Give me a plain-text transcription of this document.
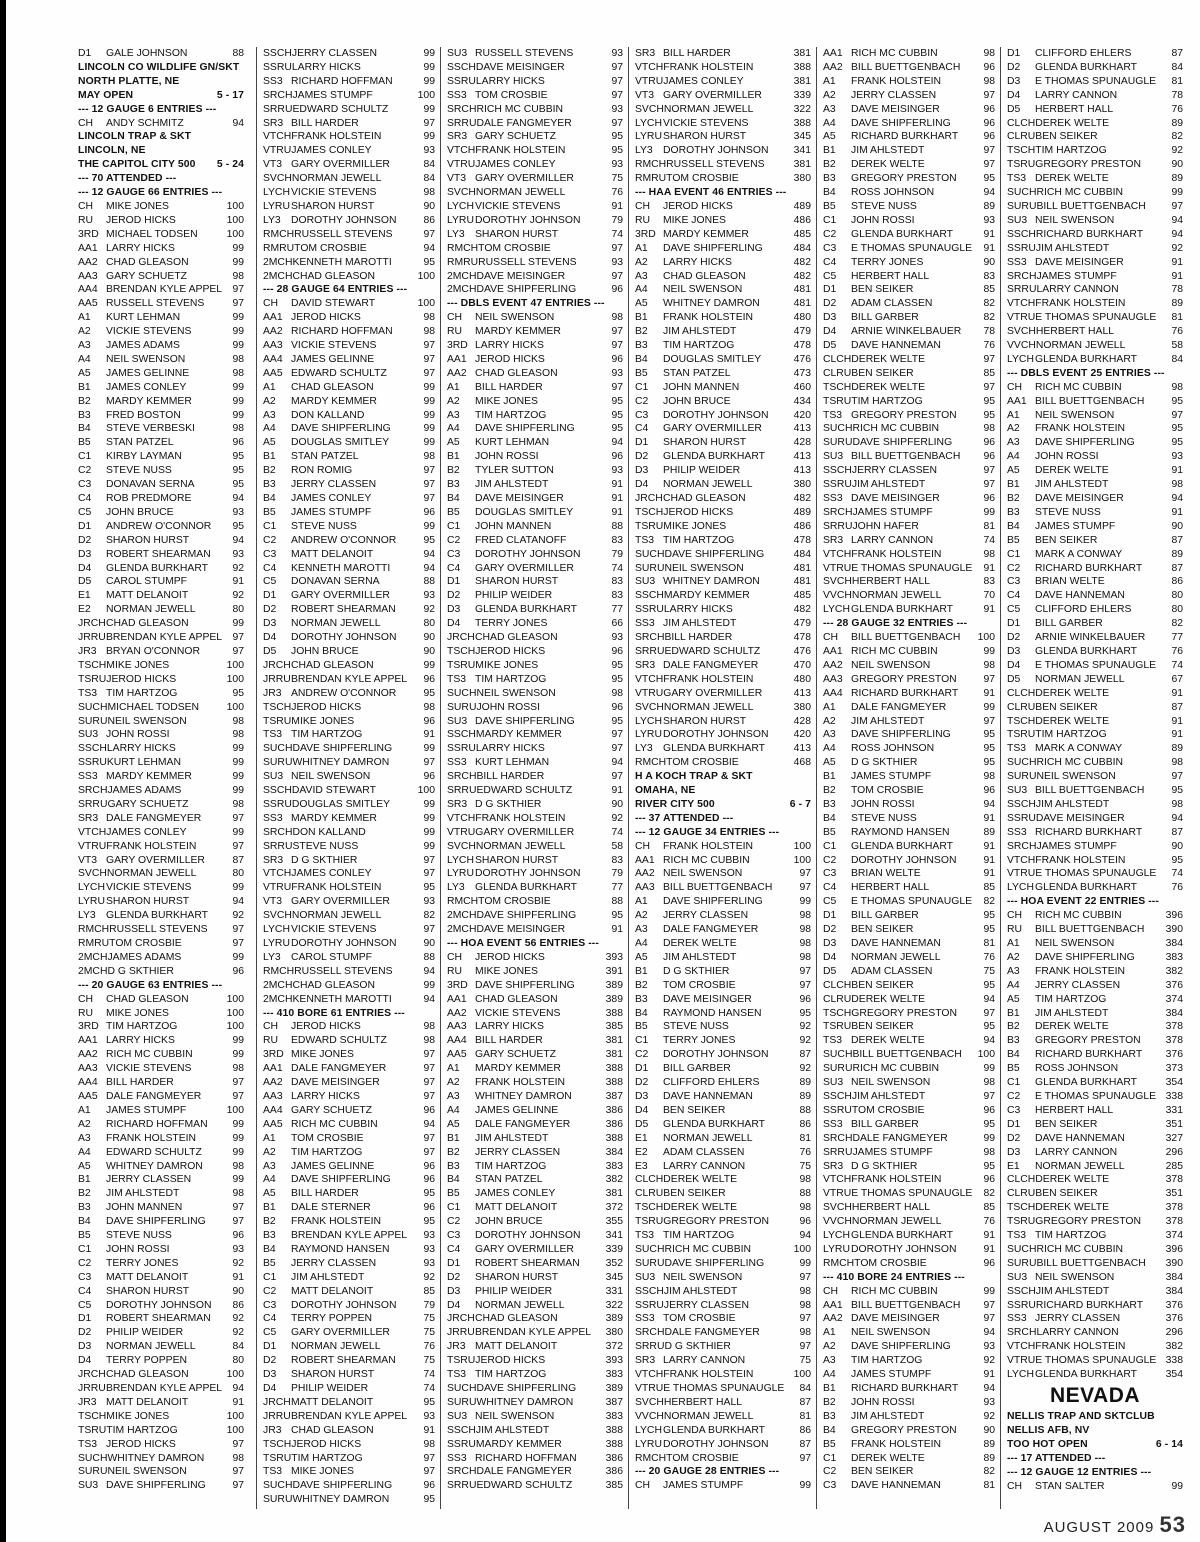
D1	GALE JOHNSON	88
LINCOLN CO WILDLIFE GN/SKT
NORTH PLATTE, NE
MAY OPEN	5 - 17
--- 12 GAUGE 6 ENTRIES ---
CH	ANDY SCHMITZ	94
LINCOLN TRAP & SKT
LINCOLN, NE
THE CAPITOL CITY 500	5 - 24
--- 70 ATTENDED ---
--- 12 GAUGE 66 ENTRIES ---
CH	MIKE JONES	100
RU	JEROD HICKS	100
3RD MICHAEL TODSEN	100
AA1 LARRY HICKS	99
AA2 CHAD GLEASON	99
AA3 GARY SCHUETZ	98
AA4 BRENDAN KYLE APPEL 97
AA5 RUSSELL STEVENS	97
A1	KURT LEHMAN	99
A2	VICKIE STEVENS	99
A3	JAMES ADAMS	99
A4	NEIL SWENSON	98
A5	JAMES GELINNE	98
B1	JAMES CONLEY	99
B2	MARDY KEMMER	99
B3	FRED BOSTON	99
B4	STEVE VERBESKI	98
B5	STAN PATZEL	96
C1	KIRBY LAYMAN	95
C2	STEVE NUSS	95
C3	DONAVAN SERNA	95
C4	ROB PREDMORE	94
C5	JOHN BRUCE	93
D1	ANDREW O'CONNOR	95
D2	SHARON HURST	94
D3	ROBERT SHEARMAN	93
D4	GLENDA BURKHART	92
D5	CAROL STUMPF	91
E1	MATT DELANOIT	92
E2	NORMAN JEWELL	80
JRCH CHAD GLEASON	99
JRRU BRENDAN KYLE APPEL 97
JR3 BRYAN O'CONNOR	97
TSCH MIKE JONES	100
TSRU JEROD HICKS	100
TS3 TIM HARTZOG	95
SUCH MICHAEL TODSEN	100
SURU NEIL SWENSON	98
SU3 JOHN ROSSI	98
SSCH LARRY HICKS	99
SSRU KURT LEHMAN	99
SS3 MARDY KEMMER	99
SRCH JAMES ADAMS	99
SRRU GARY SCHUETZ	98
SR3 DALE FANGMEYER	97
VTCH JAMES CONLEY	99
VTRU FRANK HOLSTEIN	97
VT3 GARY OVERMILLER	87
SVCH NORMAN JEWELL	80
LYCH VICKIE STEVENS	99
LYRU SHARON HURST	94
LY3 GLENDA BURKHART	92
RMCH RUSSELL STEVENS	97
RMRU TOM CROSBIE	97
2MCH JAMES ADAMS	99
2MCH D G SKTHIER	96
--- 20 GAUGE 63 ENTRIES ---
CH	CHAD GLEASON	100
RU	MIKE JONES	100
3RD TIM HARTZOG	100
AA1 LARRY HICKS	99
AA2 RICH MC CUBBIN	99
AA3 VICKIE STEVENS	98
AA4 BILL HARDER	97
AA5 DALE FANGMEYER	97
A1	JAMES STUMPF	100
A2	RICHARD HOFFMAN	99
A3	FRANK HOLSTEIN	99
A4	EDWARD SCHULTZ	99
A5	WHITNEY DAMRON	98
B1	JERRY CLASSEN	99
B2	JIM AHLSTEDT	98
B3	JOHN MANNEN	97
B4	DAVE SHIPFERLING	97
B5	STEVE NUSS	96
C1	JOHN ROSSI	93
C2	TERRY JONES	92
C3	MATT DELANOIT	91
C4	SHARON HURST	90
C5	DOROTHY JOHNSON	86
D1	ROBERT SHEARMAN	92
D2	PHILIP WEIDER	92
D3	NORMAN JEWELL	84
D4	TERRY POPPEN	80
JRCH CHAD GLEASON	100
JRRU BRENDAN KYLE APPEL 94
JR3 MATT DELANOIT	91
TSCH MIKE JONES	100
TSRU TIM HARTZOG	100
TS3 JEROD HICKS	97
SUCH WHITNEY DAMRON	98
SURU NEIL SWENSON	97
SU3 DAVE SHIPFERLING	97
SSCH JERRY CLASSEN	99
SSRU LARRY HICKS	99
SS3 RICHARD HOFFMAN	99
SRCH JAMES STUMPF	100
SRRU EDWARD SCHULTZ	99
SR3 BILL HARDER	97
VTCH FRANK HOLSTEIN	99
VTRU JAMES CONLEY	93
VT3 GARY OVERMILLER	84
SVCH NORMAN JEWELL	84
LYCH VICKIE STEVENS	98
LYRU SHARON HURST	90
LY3 DOROTHY JOHNSON	86
RMCH RUSSELL STEVENS	97
RMRU TOM CROSBIE	94
2MCH KENNETH MAROTTI	95
2MCH CHAD GLEASON	100
--- 28 GAUGE 64 ENTRIES ---
CH	DAVID STEWART	100
AA1 JEROD HICKS	98
AA2 RICHARD HOFFMAN	98
AA3 VICKIE STEVENS	97
AA4 JAMES GELINNE	97
AA5 EDWARD SCHULTZ	97
A1	CHAD GLEASON	99
A2	MARDY KEMMER	99
A3	DON KALLAND	99
A4	DAVE SHIPFERLING	99
A5	DOUGLAS SMITLEY	99
B1	STAN PATZEL	98
B2	RON ROMIG	97
B3	JERRY CLASSEN	97
B4	JAMES CONLEY	97
B5	JAMES STUMPF	96
C1	STEVE NUSS	99
C2	ANDREW O'CONNOR	95
C3	MATT DELANOIT	94
C4	KENNETH MAROTTI	94
C5	DONAVAN SERNA	88
D1	GARY OVERMILLER	93
D2	ROBERT SHEARMAN	92
D3	NORMAN JEWELL	80
D4	DOROTHY JOHNSON	90
D5	JOHN BRUCE	90
JRCH CHAD GLEASON	99
JRRU BRENDAN KYLE APPEL	96
JR3 ANDREW O'CONNOR	95
TSCH JEROD HICKS	98
TSRU MIKE JONES	96
TS3 TIM HARTZOG	91
SUCH DAVE SHIPFERLING	99
SURU WHITNEY DAMRON	97
SU3 NEIL SWENSON	96
SSCH DAVID STEWART	100
SSRU DOUGLAS SMITLEY	99
SS3 MARDY KEMMER	99
SRCH DON KALLAND	99
SRRU STEVE NUSS	99
SR3 D G SKTHIER	97
VTCH JAMES CONLEY	97
VTRU FRANK HOLSTEIN	95
VT3 GARY OVERMILLER	93
SVCH NORMAN JEWELL	82
LYCH VICKIE STEVENS	97
LYRU DOROTHY JOHNSON	90
LY3 CAROL STUMPF	88
RMCH RUSSELL STEVENS	94
2MCH CHAD GLEASON	99
2MCH KENNETH MAROTTI	94
--- 410 BORE 61 ENTRIES ---
CH	JEROD HICKS	98
RU	EDWARD SCHULTZ	98
3RD MIKE JONES	97
AA1 DALE FANGMEYER	97
AA2 DAVE MEISINGER	97
AA3 LARRY HICKS	97
AA4 GARY SCHUETZ	96
AA5 RICH MC CUBBIN	94
A1	TOM CROSBIE	97
A2	TIM HARTZOG	97
A3	JAMES GELINNE	96
A4	DAVE SHIPFERLING	96
A5	BILL HARDER	95
B1	DALE STERNER	96
B2	FRANK HOLSTEIN	95
B3	BRENDAN KYLE APPEL	93
B4	RAYMOND HANSEN	93
B5	JERRY CLASSEN	93
C1	JIM AHLSTEDT	92
C2	MATT DELANOIT	85
C3	DOROTHY JOHNSON	79
C4	TERRY POPPEN	75
C5	GARY OVERMILLER	75
D1	NORMAN JEWELL	76
D2	ROBERT SHEARMAN	75
D3	SHARON HURST	74
D4	PHILIP WEIDER	74
JRCH MATT DELANOIT	95
JRRU BRENDAN KYLE APPEL	93
JR3 CHAD GLEASON	91
TSCH JEROD HICKS	98
TSRU TIM HARTZOG	97
TS3 MIKE JONES	97
SUCH DAVE SHIPFERLING	96
SURU WHITNEY DAMRON	95
SU3 RUSSELL STEVENS	93
SSCH DAVE MEISINGER	97
SSRU LARRY HICKS	97
SS3 TOM CROSBIE	97
SRCH RICH MC CUBBIN	93
SRRU DALE FANGMEYER	97
SR3 GARY SCHUETZ	95
VTCH FRANK HOLSTEIN	95
VTRU JAMES CONLEY	93
VT3 GARY OVERMILLER	75
SVCH NORMAN JEWELL	76
LYCH VICKIE STEVENS	91
LYRU DOROTHY JOHNSON	79
LY3 SHARON HURST	74
RMCH TOM CROSBIE	97
RMRU RUSSELL STEVENS	93
2MCH DAVE MEISINGER	97
2MCH DAVE SHIPFERLING	96
--- DBLS EVENT 47 ENTRIES ---
CH	NEIL SWENSON	98
RU	MARDY KEMMER	97
3RD LARRY HICKS	97
AA1 JEROD HICKS	96
AA2 CHAD GLEASON	93
A1	BILL HARDER	97
A2	MIKE JONES	95
A3	TIM HARTZOG	95
A4	DAVE SHIPFERLING	95
A5	KURT LEHMAN	94
B1	JOHN ROSSI	96
B2	TYLER SUTTON	93
B3	JIM AHLSTEDT	91
B4	DAVE MEISINGER	91
B5	DOUGLAS SMITLEY	91
C1	JOHN MANNEN	88
C2	FRED CLATANOFF	83
C3	DOROTHY JOHNSON	79
C4	GARY OVERMILLER	74
D1	SHARON HURST	83
D2	PHILIP WEIDER	83
D3	GLENDA BURKHART	77
D4	TERRY JONES	66
JRCH CHAD GLEASON	93
TSCH JEROD HICKS	96
TSRU MIKE JONES	95
TS3 TIM HARTZOG	95
SUCH NEIL SWENSON	98
SURU JOHN ROSSI	96
SU3 DAVE SHIPFERLING	95
SSCH MARDY KEMMER	97
SSRU LARRY HICKS	97
SS3 KURT LEHMAN	94
SRCH BILL HARDER	97
SRRU EDWARD SCHULTZ	91
SR3 D G SKTHIER	90
VTCH FRANK HOLSTEIN	92
VTRU GARY OVERMILLER	74
SVCH NORMAN JEWELL	58
LYCH SHARON HURST	83
LYRU DOROTHY JOHNSON	79
LY3 GLENDA BURKHART	77
RMCH TOM CROSBIE	88
2MCH DAVE SHIPFERLING	95
2MCH DAVE MEISINGER	91
--- HOA EVENT 56 ENTRIES ---
CH	JEROD HICKS	393
RU	MIKE JONES	391
3RD DAVE SHIPFERLING	389
AA1 CHAD GLEASON	389
AA2 VICKIE STEVENS	388
AA3 LARRY HICKS	385
AA4 BILL HARDER	381
AA5 GARY SCHUETZ	381
A1	MARDY KEMMER	388
A2	FRANK HOLSTEIN	388
A3	WHITNEY DAMRON	387
A4	JAMES GELINNE	386
A5	DALE FANGMEYER	386
B1	JIM AHLSTEDT	388
B2	JERRY CLASSEN	384
B3	TIM HARTZOG	383
B4	STAN PATZEL	382
B5	JAMES CONLEY	381
C1	MATT DELANOIT	372
C2	JOHN BRUCE	355
C3	DOROTHY JOHNSON	341
C4	GARY OVERMILLER	339
D1	ROBERT SHEARMAN	352
D2	SHARON HURST	345
D3	PHILIP WEIDER	331
D4	NORMAN JEWELL	322
JRCH CHAD GLEASON	389
JRRU BRENDAN KYLE APPEL	380
JR3 MATT DELANOIT	372
TSRU JEROD HICKS	393
TS3 TIM HARTZOG	383
SUCH DAVE SHIPFERLING	389
SURU WHITNEY DAMRON	387
SU3 NEIL SWENSON	383
SSCH JIM AHLSTEDT	388
SSRU MARDY KEMMER	388
SS3 RICHARD HOFFMAN	386
SRCH DALE FANGMEYER	386
SRRU EDWARD SCHULTZ	385
SR3 BILL HARDER	381
VTCH FRANK HOLSTEIN	388
VTRU JAMES CONLEY	381
VT3 GARY OVERMILLER	339
SVCH NORMAN JEWELL	322
LYCH VICKIE STEVENS	388
LYRU SHARON HURST	345
LY3 DOROTHY JOHNSON	341
RMCH RUSSELL STEVENS	381
RMRU TOM CROSBIE	380
--- HAA EVENT 46 ENTRIES ---
CH	JEROD HICKS	489
RU	MIKE JONES	486
3RD MARDY KEMMER	485
A1	DAVE SHIPFERLING	484
A2	LARRY HICKS	482
A3	CHAD GLEASON	482
A4	NEIL SWENSON	481
A5	WHITNEY DAMRON	481
B1	FRANK HOLSTEIN	480
B2	JIM AHLSTEDT	479
B3	TIM HARTZOG	478
B4	DOUGLAS SMITLEY	476
B5	STAN PATZEL	473
C1	JOHN MANNEN	460
C2	JOHN BRUCE	434
C3	DOROTHY JOHNSON	420
C4	GARY OVERMILLER	413
D1	SHARON HURST	428
D2	GLENDA BURKHART	413
D3	PHILIP WEIDER	413
D4	NORMAN JEWELL	380
JRCH CHAD GLEASON	482
TSCH JEROD HICKS	489
TSRU MIKE JONES	486
TS3 TIM HARTZOG	478
SUCH DAVE SHIPFERLING	484
SURU NEIL SWENSON	481
SU3 WHITNEY DAMRON	481
SSCH MARDY KEMMER	485
SSRU LARRY HICKS	482
SS3 JIM AHLSTEDT	479
SRCH BILL HARDER	478
SRRU EDWARD SCHULTZ	476
SR3 DALE FANGMEYER	470
VTCH FRANK HOLSTEIN	480
VTRU GARY OVERMILLER	413
SVCH NORMAN JEWELL	380
LYCH SHARON HURST	428
LYRU DOROTHY JOHNSON	420
LY3 GLENDA BURKHART	413
RMCH TOM CROSBIE	468
H A KOCH TRAP & SKT
OMAHA, NE
RIVER CITY 500	6 - 7
--- 37 ATTENDED ---
--- 12 GAUGE 34 ENTRIES ---
CH	FRANK HOLSTEIN	100
AA1 RICH MC CUBBIN	100
AA2 NEIL SWENSON	97
AA3 BILL BUETTGENBACH	97
A1	DAVE SHIPFERLING	99
A2	JERRY CLASSEN	98
A3	DALE FANGMEYER	98
A4	DEREK WELTE	98
A5	JIM AHLSTEDT	98
B1	D G SKTHIER	97
B2	TOM CROSBIE	97
B3	DAVE MEISINGER	96
B4	RAYMOND HANSEN	95
B5	STEVE NUSS	92
C1	TERRY JONES	92
C2	DOROTHY JOHNSON	87
D1	BILL GARBER	92
D2	CLIFFORD EHLERS	89
D3	DAVE HANNEMAN	89
D4	BEN SEIKER	88
D5	GLENDA BURKHART	86
E1	NORMAN JEWELL	81
E2	ADAM CLASSEN	76
E3	LARRY CANNON	75
CLCH DEREK WELTE	98
CLRU BEN SEIKER	88
TSCH DEREK WELTE	98
TSRU GREGORY PRESTON	96
TS3 TIM HARTZOG	94
SUCH RICH MC CUBBIN	100
SURU DAVE SHIPFERLING	99
SU3 NEIL SWENSON	97
SSCH JIM AHLSTEDT	98
SSRU JERRY CLASSEN	98
SS3 TOM CROSBIE	97
SRCH DALE FANGMEYER	98
SRRU D G SKTHIER	97
SR3 LARRY CANNON	75
VTCH FRANK HOLSTEIN	100
VTRU E THOMAS SPUNAUGLE	84
SVCH HERBERT HALL	87
VVCH NORMAN JEWELL	81
LYCH GLENDA BURKHART	86
LYRU DOROTHY JOHNSON	87
RMCH TOM CROSBIE	97
--- 20 GAUGE 28 ENTRIES ---
CH	JAMES STUMPF	99
AA1 RICH MC CUBBIN	98
AA2 BILL BUETTGENBACH	96
A1	FRANK HOLSTEIN	98
A2	JERRY CLASSEN	97
A3	DAVE MEISINGER	96
A4	DAVE SHIPFERLING	96
A5	RICHARD BURKHART	96
B1	JIM AHLSTEDT	97
B2	DEREK WELTE	97
B3	GREGORY PRESTON	95
B4	ROSS JOHNSON	94
B5	STEVE NUSS	89
C1	JOHN ROSSI	93
C2	GLENDA BURKHART	91
C3	E THOMAS SPUNAUGLE	91
C4	TERRY JONES	90
C5	HERBERT HALL	83
D1	BEN SEIKER	85
D2	ADAM CLASSEN	82
D3	BILL GARBER	82
D4	ARNIE WINKELBAUER	78
D5	DAVE HANNEMAN	76
CLCH DEREK WELTE	97
CLRU BEN SEIKER	85
TSCH DEREK WELTE	97
TSRU TIM HARTZOG	95
TS3 GREGORY PRESTON	95
SUCH RICH MC CUBBIN	98
SURU DAVE SHIPFERLING	96
SU3 BILL BUETTGENBACH	96
SSCH JERRY CLASSEN	97
SSRU JIM AHLSTEDT	97
SS3 DAVE MEISINGER	96
SRCH JAMES STUMPF	99
SRRU JOHN HAFER	81
SR3 LARRY CANNON	74
VTCH FRANK HOLSTEIN	98
VTRU E THOMAS SPUNAUGLE	91
SVCH HERBERT HALL	83
VVCH NORMAN JEWELL	70
LYCH GLENDA BURKHART	91
--- 28 GAUGE 32 ENTRIES ---
CH	BILL BUETTGENBACH	100
AA1 RICH MC CUBBIN	99
AA2 NEIL SWENSON	98
AA3 GREGORY PRESTON	97
AA4 RICHARD BURKHART	91
A1	DALE FANGMEYER	99
A2	JIM AHLSTEDT	97
A3	DAVE SHIPFERLING	95
A4	ROSS JOHNSON	95
A5	D G SKTHIER	95
B1	JAMES STUMPF	98
B2	TOM CROSBIE	96
B3	JOHN ROSSI	94
B4	STEVE NUSS	91
B5	RAYMOND HANSEN	89
C1	GLENDA BURKHART	91
C2	DOROTHY JOHNSON	91
C3	BRIAN WELTE	91
C4	HERBERT HALL	85
C5	E THOMAS SPUNAUGLE	82
D1	BILL GARBER	95
D2	BEN SEIKER	95
D3	DAVE HANNEMAN	81
D4	NORMAN JEWELL	76
D5	ADAM CLASSEN	75
CLCH BEN SEIKER	95
CLRU DEREK WELTE	94
TSCH GREGORY PRESTON	97
TSRU BEN SEIKER	95
TS3 DEREK WELTE	94
SUCH BILL BUETTGENBACH	100
SURU RICH MC CUBBIN	99
SU3 NEIL SWENSON	98
SSCH JIM AHLSTEDT	97
SSRU TOM CROSBIE	96
SS3 BILL GARBER	95
SRCH DALE FANGMEYER	99
SRRU JAMES STUMPF	98
SR3 D G SKTHIER	95
VTCH FRANK HOLSTEIN	96
VTRU E THOMAS SPUNAUGLE	82
SVCH HERBERT HALL	85
VVCH NORMAN JEWELL	76
LYCH GLENDA BURKHART	91
LYRU DOROTHY JOHNSON	91
RMCH TOM CROSBIE	96
--- 410 BORE 24 ENTRIES ---
CH	RICH MC CUBBIN	99
AA1 BILL BUETTGENBACH	97
AA2 DAVE MEISINGER	97
A1	NEIL SWENSON	94
A2	DAVE SHIPFERLING	93
A3	TIM HARTZOG	92
A4	JAMES STUMPF	91
B1	RICHARD BURKHART	94
B2	JOHN ROSSI	93
B3	JIM AHLSTEDT	92
B4	GREGORY PRESTON	90
B5	FRANK HOLSTEIN	89
C1	DEREK WELTE	89
C2	BEN SEIKER	82
C3	DAVE HANNEMAN	81
D1	CLIFFORD EHLERS	87
D2	GLENDA BURKHART	84
D3	E THOMAS SPUNAUGLE	81
D4	LARRY CANNON	78
D5	HERBERT HALL	76
CLCH DEREK WELTE	89
CLRU BEN SEIKER	82
TSCH TIM HARTZOG	92
TSRU GREGORY PRESTON	90
TS3 DEREK WELTE	89
SUCH RICH MC CUBBIN	99
SURU BILL BUETTGENBACH	97
SU3 NEIL SWENSON	94
SSCH RICHARD BURKHART	94
SSRU JIM AHLSTEDT	92
SS3 DAVE MEISINGER	91
SRCH JAMES STUMPF	91
SRRU LARRY CANNON	78
VTCH FRANK HOLSTEIN	89
VTRU E THOMAS SPUNAUGLE	81
SVCH HERBERT HALL	76
VVCH NORMAN JEWELL	58
LYCH GLENDA BURKHART	84
--- DBLS EVENT 25 ENTRIES ---
CH	RICH MC CUBBIN	98
AA1 BILL BUETTGENBACH	95
A1	NEIL SWENSON	97
A2	FRANK HOLSTEIN	95
A3	DAVE SHIPFERLING	95
A4	JOHN ROSSI	93
A5	DEREK WELTE	91
B1	JIM AHLSTEDT	98
B2	DAVE MEISINGER	94
B3	STEVE NUSS	91
B4	JAMES STUMPF	90
B5	BEN SEIKER	87
C1	MARK A CONWAY	89
C2	RICHARD BURKHART	87
C3	BRIAN WELTE	86
C4	DAVE HANNEMAN	80
C5	CLIFFORD EHLERS	80
D1	BILL GARBER	82
D2	ARNIE WINKELBAUER	77
D3	GLENDA BURKHART	76
D4	E THOMAS SPUNAUGLE	74
D5	NORMAN JEWELL	67
CLCH DEREK WELTE	91
CLRU BEN SEIKER	87
TSCH DEREK WELTE	91
TSRU TIM HARTZOG	91
TS3 MARK A CONWAY	89
SUCH RICH MC CUBBIN	98
SURU NEIL SWENSON	97
SU3 BILL BUETTGENBACH	95
SSCH JIM AHLSTEDT	98
SSRU DAVE MEISINGER	94
SS3 RICHARD BURKHART	87
SRCH JAMES STUMPF	90
VTCH FRANK HOLSTEIN	95
VTRU E THOMAS SPUNAUGLE	74
LYCH GLENDA BURKHART	76
--- HOA EVENT 22 ENTRIES ---
CH	RICH MC CUBBIN	396
RU	BILL BUETTGENBACH	390
A1	NEIL SWENSON	384
A2	DAVE SHIPFERLING	383
A3	FRANK HOLSTEIN	382
A4	JERRY CLASSEN	376
A5	TIM HARTZOG	374
B1	JIM AHLSTEDT	384
B2	DEREK WELTE	378
B3	GREGORY PRESTON	378
B4	RICHARD BURKHART	376
B5	ROSS JOHNSON	373
C1	GLENDA BURKHART	354
C2	E THOMAS SPUNAUGLE 338
C3	HERBERT HALL	331
D1	BEN SEIKER	351
D2	DAVE HANNEMAN	327
D3	LARRY CANNON	296
E1	NORMAN JEWELL	285
CLCH DEREK WELTE	378
CLRU BEN SEIKER	351
TSCH DEREK WELTE	378
TSRU GREGORY PRESTON	378
TS3 TIM HARTZOG	374
SUCH RICH MC CUBBIN	396
SURU BILL BUETTGENBACH	390
SU3 NEIL SWENSON	384
SSCH JIM AHLSTEDT	384
SSRU RICHARD BURKHART	376
SS3 JERRY CLASSEN	376
SRCH LARRY CANNON	296
VTCH FRANK HOLSTEIN	382
VTRU E THOMAS SPUNAUGLE 338
LYCH GLENDA BURKHART	354
NEVADA
NELLIS TRAP AND SKTCLUB
NELLIS AFB, NV
TOO HOT OPEN	6 - 14
--- 17 ATTENDED ---
--- 12 GAUGE 12 ENTRIES ---
CH	STAN SALTER	99
AUGUST 2009 53
